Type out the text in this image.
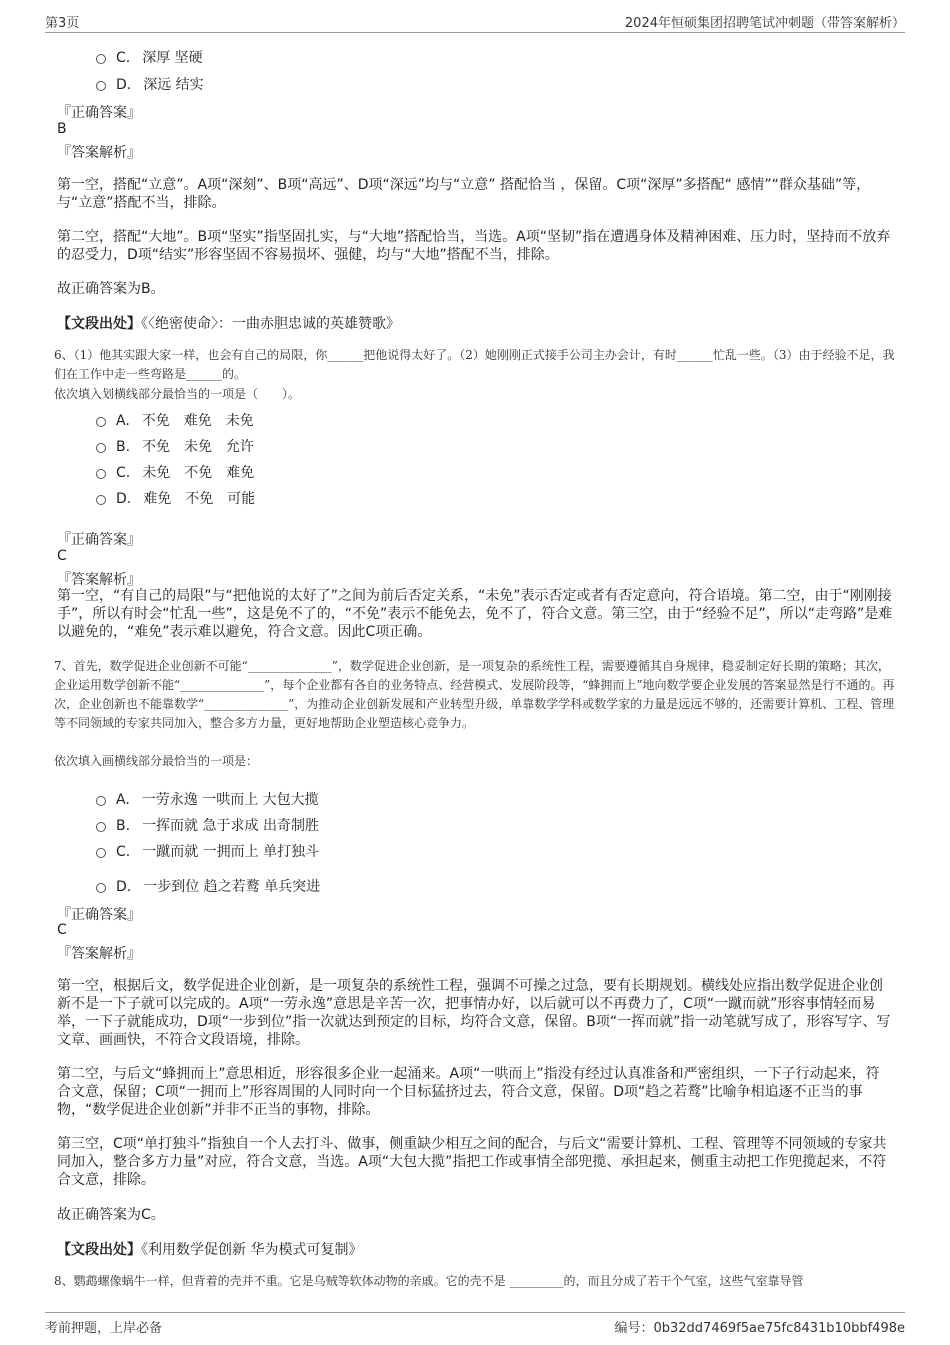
第3页	2024年恒硕集团招聘笔试冲刺题（带答案解析）
C. 深厚 坚硬
D. 深远 结实
『正确答案』
B
『答案解析』
第一空，搭配“立意”。A项“深刻”、B项“高远”、D项“深远”均与“立意” 搭配恰当 ，保留。C项“深厚”多搭配“ 感情”“群众基础”等，与“立意”搭配不当，排除。
第二空，搭配“大地”。B项“坚实”指坚固扎实，与“大地”搭配恰当，当选。A项“坚韧”指在遭遇身体及精神困难、压力时，坚持而不放弃的忍受力，D项“结实”形容坚固不容易损坏、强健，均与“大地”搭配不当，排除。
故正确答案为B。
【文段出处】《〈绝密使命〉：一曲赤胆忠诚的英雄赞歌》
6、（1）他其实跟大家一样，也会有自己的局限，你______把他说得太好了。（2）她刚刚正式接手公司主办会计，有时______忙乱一些。（3）由于经验不足，我们在工作中走一些弯路是______的。
依次填入划横线部分最恰当的一项是（　　）。
A. 不免　难免　未免
B. 不免　未免　允许
C. 未免　不免　难免
D. 难免　不免　可能
『正确答案』
C
『答案解析』
第一空，“有自己的局限”与“把他说的太好了”之间为前后否定关系，“未免”表示否定或者有否定意向，符合语境。第二空，由于“刚刚接手”，所以有时会“忙乱一些”，这是免不了的，“不免”表示不能免去，免不了，符合文意。第三空，由于“经验不足”，所以“走弯路”是难以避免的，“难免”表示难以避免，符合文意。因此C项正确。
7、首先，数学促进企业创新不可能“______________”，数学促进企业创新，是一项复杂的系统性工程，需要遵循其自身规律，稳妥制定好长期的策略；其次，企业运用数学创新不能“______________”，每个企业都有各自的业务特点、经营模式、发展阶段等，“蜂拥而上”地向数学要企业发展的答案显然是行不通的。再次，企业创新也不能靠数学“______________”，为推动企业创新发展和产业转型升级，单靠数学学科或数学家的力量是远远不够的，还需要计算机、工程、管理等不同领域的专家共同加入，整合多方力量，更好地帮助企业塑造核心竞争力。
依次填入画横线部分最恰当的一项是：
A. 一劳永逸 一哄而上 大包大揽
B. 一挥而就 急于求成 出奇制胜
C. 一蹴而就 一拥而上 单打独斗
D. 一步到位 趋之若鹜 单兵突进
『正确答案』
C
『答案解析』
第一空，根据后文，数学促进企业创新，是一项复杂的系统性工程，强调不可操之过急，要有长期规划。横线处应指出数学促进企业创新不是一下子就可以完成的。A项“一劳永逸”意思是辛苦一次，把事情办好，以后就可以不再费力了，C项“一蹴而就”形容事情轻而易举，一下子就能成功，D项“一步到位”指一次就达到预定的目标，均符合文意，保留。B项“一挥而就”指一动笔就写成了，形容写字、写文章、画画快，不符合文段语境，排除。
第二空，与后文“蜂拥而上”意思相近，形容很多企业一起涌来。A项“一哄而上”指没有经过认真准备和严密组织，一下子行动起来，符合文意，保留；C项“一拥而上”形容周围的人同时向一个目标猛挤过去，符合文意，保留。D项“趋之若鹜”比喻争相追逐不正当的事物，“数学促进企业创新”并非不正当的事物，排除。
第三空，C项“单打独斗”指独自一个人去打斗、做事，侧重缺少相互之间的配合，与后文“需要计算机、工程、管理等不同领域的专家共同加入，整合多方力量”对应，符合文意，当选。A项“大包大揽”指把工作或事情全部兜揽、承担起来，侧重主动把工作兜揽起来，不符合文意，排除。
故正确答案为C。
【文段出处】《利用数学促创新 华为模式可复制》
8、鹦鹉螺像蜗牛一样，但背着的壳并不重。它是乌贼等软体动物的亲戚。它的壳不是 _________的，而且分成了若干个气室，这些气室靠导管
考前押题，上岸必备	编号：0b32dd7469f5ae75fc8431b10bbf498e
